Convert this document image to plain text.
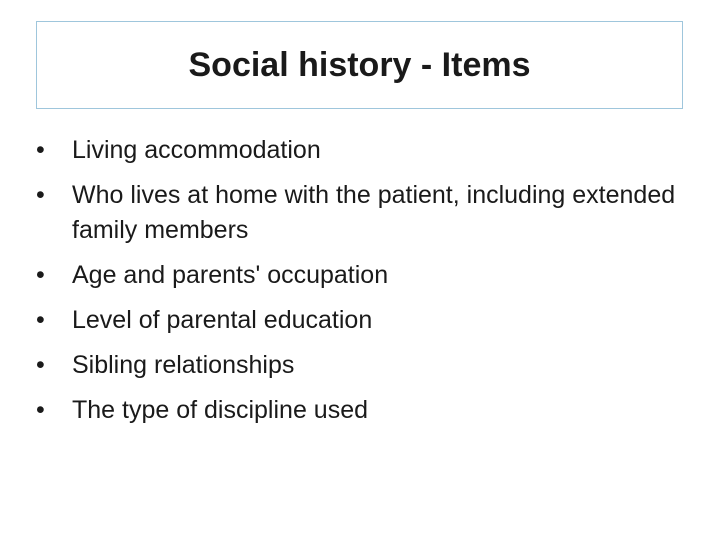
Social history - Items
• Living accommodation
• Who lives at home with the patient, including extended family members
• Age and parents' occupation
• Level of parental education
• Sibling relationships
• The type of discipline used
